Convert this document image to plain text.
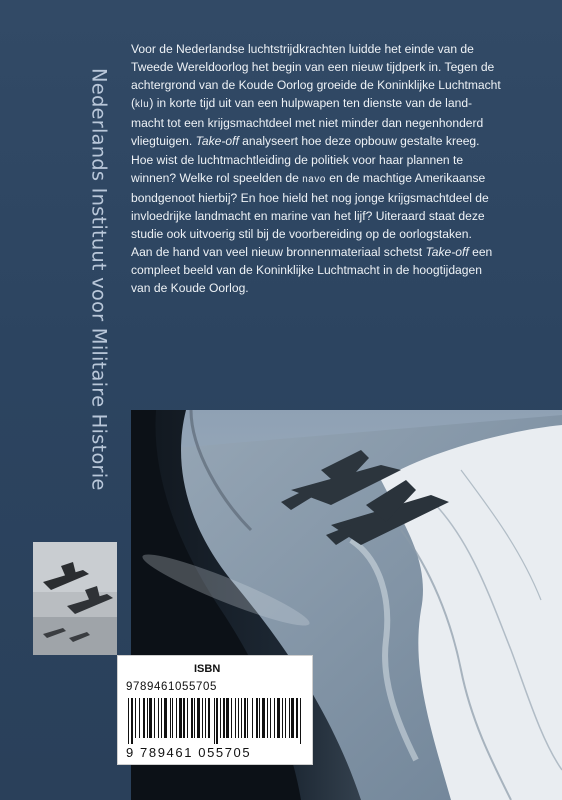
Nederlands Instituut voor Militaire Historie

Voor de Nederlandse luchtstrijdkrachten luidde het einde van de
Tweede Wereldoorlog het begin van een nieuw tijdperk in. Tegen de
achtergrond van de Koude Oorlog groeide de Koninklijke Luchtmacht
(klu) in korte tijd uit van een hulpwapen ten dienste van de land-
macht tot een krijgsmachtdeel met niet minder dan negenhonderd
vliegtuigen. Take-off analyseert hoe deze opbouw gestalte kreeg.
Hoe wist de luchtmachtleiding de politiek voor haar plannen te
winnen? Welke rol speelden de navo en de machtige Amerikaanse
bondgenoot hierbij? En hoe hield het nog jonge krijgsmachtdeel de
invloedrijke landmacht en marine van het lijf? Uiteraard staat deze
studie ook uitvoerig stil bij de voorbereiding op de oorlogstaken.
Aan de hand van veel nieuw bronnenmateriaal schetst Take-off een
compleet beeld van de Koninklijke Luchtmacht in de hoogtijdagen
van de Koude Oorlog.

ISBN
9789461055705
9 789461 055705
